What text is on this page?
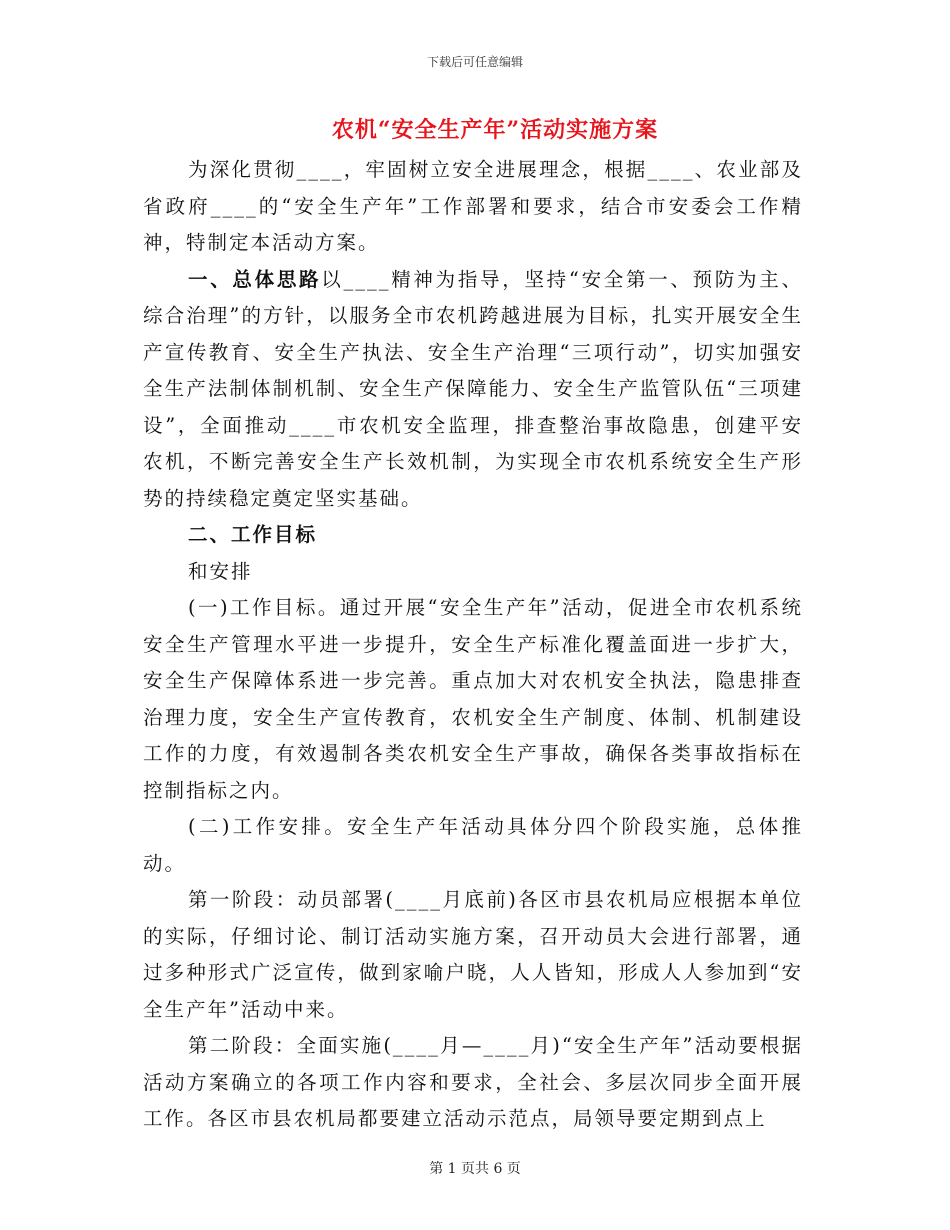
下载后可任意编辑
农机“安全生产年”活动实施方案

为深化贯彻____，牢固树立安全进展理念，根据____、农业部及省政府____的“安全生产年”工作部署和要求，结合市安委会工作精神，特制定本活动方案。

一、总体思路以____精神为指导，坚持“安全第一、预防为主、综合治理”的方针，以服务全市农机跨越进展为目标，扎实开展安全生产宣传教育、安全生产执法、安全生产治理“三项行动”，切实加强安全生产法制体制机制、安全生产保障能力、安全生产监管队伍“三项建设”，全面推动____市农机安全监理，排查整治事故隐患，创建平安农机，不断完善安全生产长效机制，为实现全市农机系统安全生产形势的持续稳定奠定坚实基础。

二、工作目标

和安排

(一)工作目标。通过开展“安全生产年”活动，促进全市农机系统安全生产管理水平进一步提升，安全生产标准化覆盖面进一步扩大，安全生产保障体系进一步完善。重点加大对农机安全执法，隐患排查治理力度，安全生产宣传教育，农机安全生产制度、体制、机制建设工作的力度，有效遏制各类农机安全生产事故，确保各类事故指标在控制指标之内。

(二)工作安排。安全生产年活动具体分四个阶段实施，总体推动。

第一阶段：动员部署(____月底前)各区市县农机局应根据本单位的实际，仔细讨论、制订活动实施方案，召开动员大会进行部署，通过多种形式广泛宣传，做到家喻户晓，人人皆知，形成人人参加到“安全生产年”活动中来。

第二阶段：全面实施(____月—____月)“安全生产年”活动要根据活动方案确立的各项工作内容和要求，全社会、多层次同步全面开展工作。各区市县农机局都要建立活动示范点，局领导要定期到点上

第 1 页共 6 页
